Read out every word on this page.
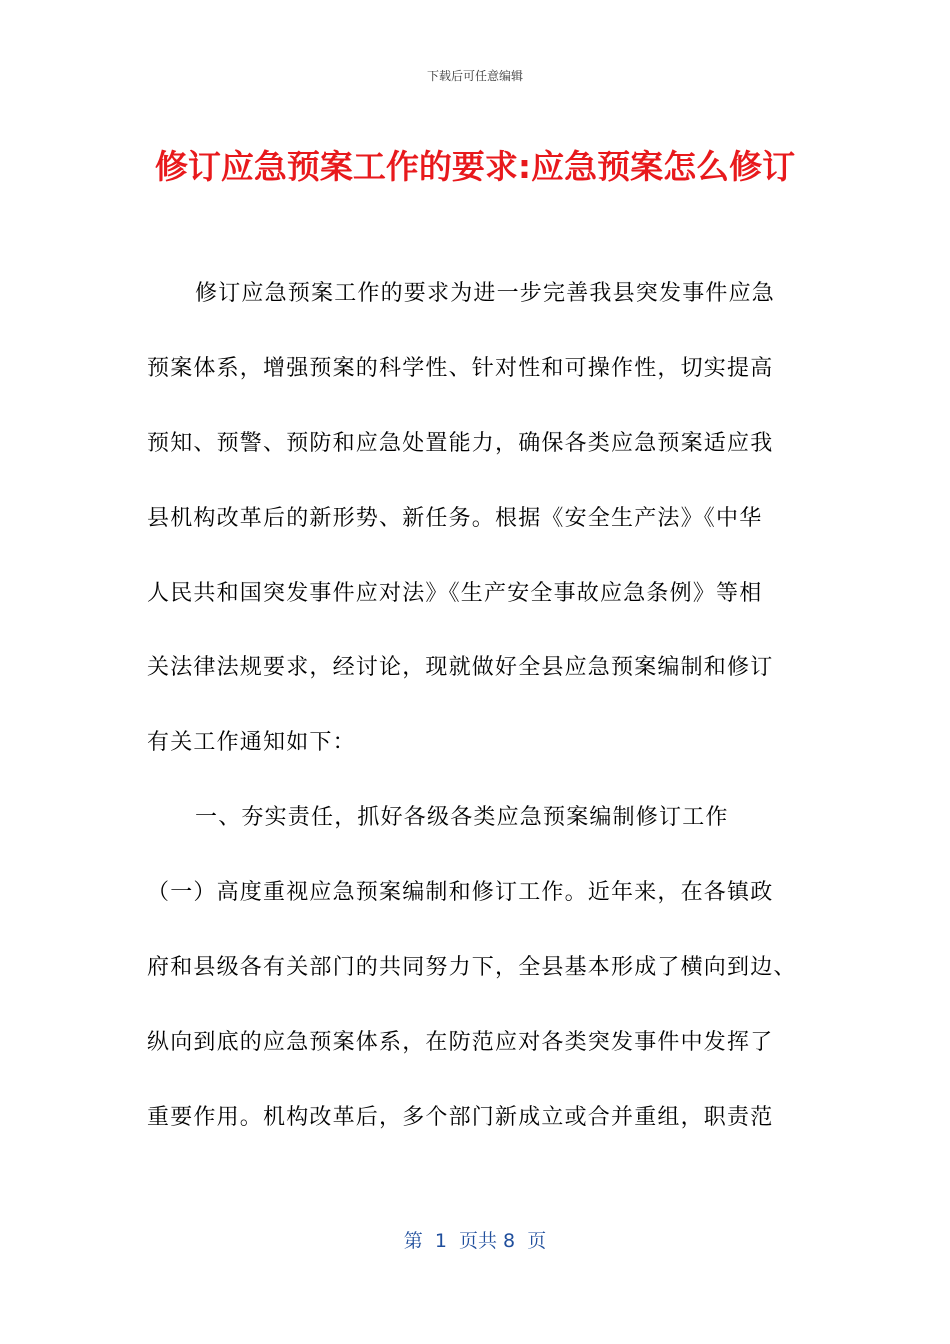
下载后可任意编辑
修订应急预案工作的要求:应急预案怎么修订
修订应急预案工作的要求为进一步完善我县突发事件应急
预案体系，增强预案的科学性、针对性和可操作性，切实提高
预知、预警、预防和应急处置能力，确保各类应急预案适应我
县机构改革后的新形势、新任务。根据《安全生产法》《中华
人民共和国突发事件应对法》《生产安全事故应急条例》等相
关法律法规要求，经讨论，现就做好全县应急预案编制和修订
有关工作通知如下：
一、夯实责任，抓好各级各类应急预案编制修订工作
（一）高度重视应急预案编制和修订工作。近年来，在各镇政
府和县级各有关部门的共同努力下，全县基本形成了横向到边、
纵向到底的应急预案体系，在防范应对各类突发事件中发挥了
重要作用。机构改革后，多个部门新成立或合并重组，职责范
第  1  页共 8  页
